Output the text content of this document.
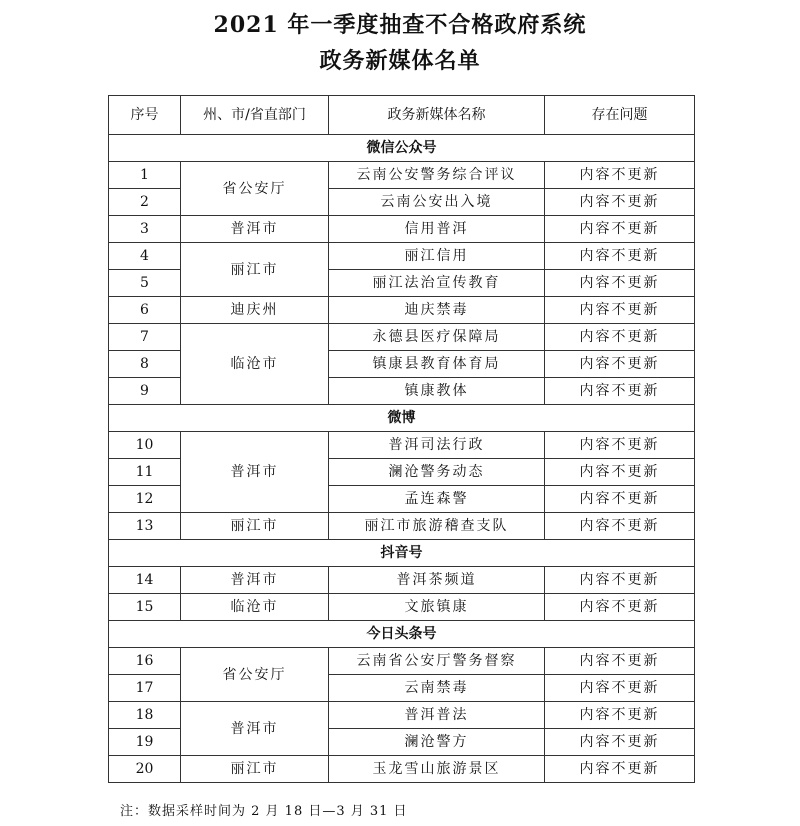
2021 年一季度抽查不合格政府系统
政务新媒体名单
序号	州、市/省直部门	政务新媒体名称	存在问题
微信公众号			
1	省公安厅	云南公安警务综合评议	内容不更新
2		云南公安出入境	内容不更新
3	普洱市	信用普洱	内容不更新
4	丽江市	丽江信用	内容不更新
5		丽江法治宣传教育	内容不更新
6	迪庆州	迪庆禁毒	内容不更新
7	临沧市	永德县医疗保障局	内容不更新
8		镇康县教育体育局	内容不更新
9		镇康教体	内容不更新
微博			
10	普洱市	普洱司法行政	内容不更新
11		澜沧警务动态	内容不更新
12		孟连森警	内容不更新
13	丽江市	丽江市旅游稽查支队	内容不更新
抖音号			
14	普洱市	普洱茶频道	内容不更新
15	临沧市	文旅镇康	内容不更新
今日头条号			
16	省公安厅	云南省公安厅警务督察	内容不更新
17		云南禁毒	内容不更新
18	普洱市	普洱普法	内容不更新
19		澜沧警方	内容不更新
20	丽江市	玉龙雪山旅游景区	内容不更新
注：数据采样时间为 2 月 18 日—3 月 31 日
